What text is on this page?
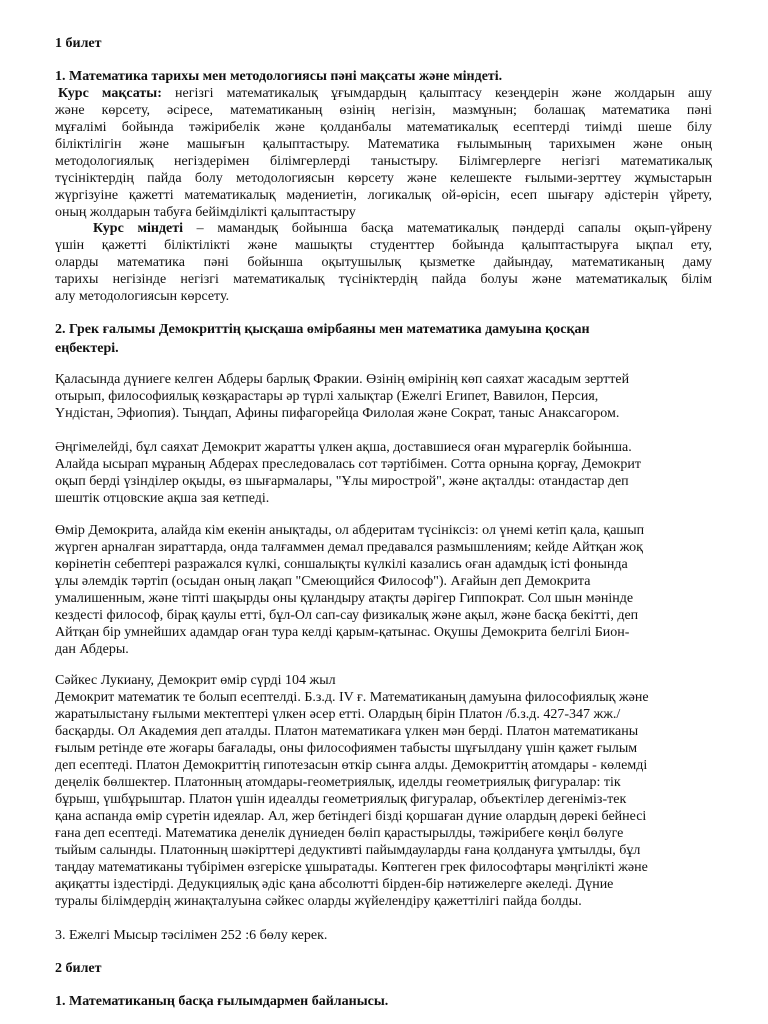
1 билет
1. Математика тарихы мен методологиясы пәні мақсаты және міндеті.
Курс мақсаты: негізгі математикалық ұғымдардың қалыптасу кезеңдерін және жолдарын ашу
және көрсету, әсіресе, математиканың өзінің негізін, мазмұнын; болашақ математика пәні
мұғалімі бойында тәжірибелік және қолданбалы математикалық есептерді тиімді шеше білу
біліктілігін және машығын қалыптастыру. Математика ғылымының тарихымен және оның
методологиялық негіздерімен білімгерлерді таныстыру. Білімгерлерге негізгі математикалық
түсініктердің пайда болу методологиясын көрсету және келешекте ғылыми-зерттеу жұмыстарын
жүргізуіне қажетті математикалық мәдениетін, логикалық ой-өрісін, есеп шығару әдістерін үйрету,
оның жолдарын табуға бейімділікті қалыптастыру
Курс міндеті – мамандық бойынша басқа математикалық пәндерді сапалы оқып-үйрену
үшін қажетті біліктілікті және машықты студенттер бойында қалыптастыруға ықпал ету,
оларды математика пәні бойынша оқытушылық қызметке дайындау, математиканың даму
тарихы негізінде негізгі математикалық түсініктердің пайда болуы және математикалық білім
алу методологиясын көрсету.
2. Грек ғалымы Демокриттің қысқаша өмірбаяны мен математика дамуына қосқан
еңбектері.
Қаласында дүниеге келген Абдеры барлық Фракии. Өзінің өмірінің көп саяхат жасадым зерттей
отырып, философиялық көзқарастары әр түрлі халықтар (Ежелгі Египет, Вавилон, Персия,
Үндістан, Эфиопия). Тыңдап, Афины пифагорейца Филолая және Сократ, таныс Анаксагором.
Әңгімелейді, бұл саяхат Демокрит жаратты үлкен ақша, доставшиеся оған мұрагерлік бойынша.
Алайда ысырап мұраның Абдерах преследовалась сот тәртібімен. Сотта орнына қорғау, Демокрит
оқып берді үзінділер оқыды, өз шығармалары, "Ұлы мирострой", және ақталды: отандастар деп
шештік отцовские ақша зая кетпеді.
Өмір Демокрита, алайда кім екенін анықтады, ол абдеритам түсініксіз: ол үнемі кетіп қала, қашып
жүрген арналған зираттарда, онда талғаммен демал предавался размышлениям; кейде Айтқан жоқ
көрінетін себептері разражался күлкі, соншалықты күлкілі казались оған адамдық істі фонында
ұлы әлемдік тәртіп (осыдан оның лақап "Смеющийся Философ"). Ағайын деп Демокрита
умалишенным, және тіпті шақырды оны құландыру атақты дәрігер Гиппократ. Сол шын мәнінде
кездесті философ, бірақ қаулы етті, бұл-Ол сап-сау физикалық және ақыл, және басқа бекітті, деп
Айтқан бір умнейших адамдар оған тура келді қарым-қатынас. Оқушы Демокрита белгілі Бион-
дан Абдеры.
Сәйкес Лукиану, Демокрит өмір сүрді 104 жыл
Демокрит математик те болып есептелді. Б.з.д. IV ғ. Математиканың дамуына философиялық және
жаратылыстану ғылыми мектептері үлкен әсер етті. Олардың бірін Платон /б.з.д. 427-347 жж./
басқарды. Ол Академия деп аталды. Платон математикаға үлкен мән берді. Платон математиканы
ғылым ретінде өте жоғары бағалады, оны философиямен табысты шұғылдану үшін қажет ғылым
деп есептеді. Платон Демокриттің гипотезасын өткір сынға алды. Демокриттің атомдары - көлемді
деңелік бөлшектер. Платонның атомдары-геометриялық, иделды геометриялық фигуралар: тік
бұрыш, үшбұрыштар. Платон үшін идеалды геометриялық фигуралар, объектілер дегеніміз-тек
қана аспанда өмір сүретін идеялар. Ал, жер бетіндегі бізді қоршаған дүние олардың дөрекі бейнесі
ғана деп есептеді. Математика денелік дүниеден бөліп қарастырылды, тәжірибеге көңіл бөлуге
тыйым салынды. Платонның шәкірттері дедуктивті пайымдауларды ғана қолдануға ұмтылды, бұл
таңдау математиканы түбірімен өзгеріске ұшыратады. Көптеген грек философтары мәңгілікті және
ақиқатты іздестірді. Дедукциялық әдіс қана абсолютті бірден-бір нәтижелерге әкеледі. Дүние
туралы білімдердің жинақталуына сәйкес оларды жүйелендіру қажеттілігі пайда болды.
3. Ежелгі Мысыр тәсілімен 252 :6 бөлу керек.
2 билет
1. Математиканың басқа ғылымдармен байланысы.
